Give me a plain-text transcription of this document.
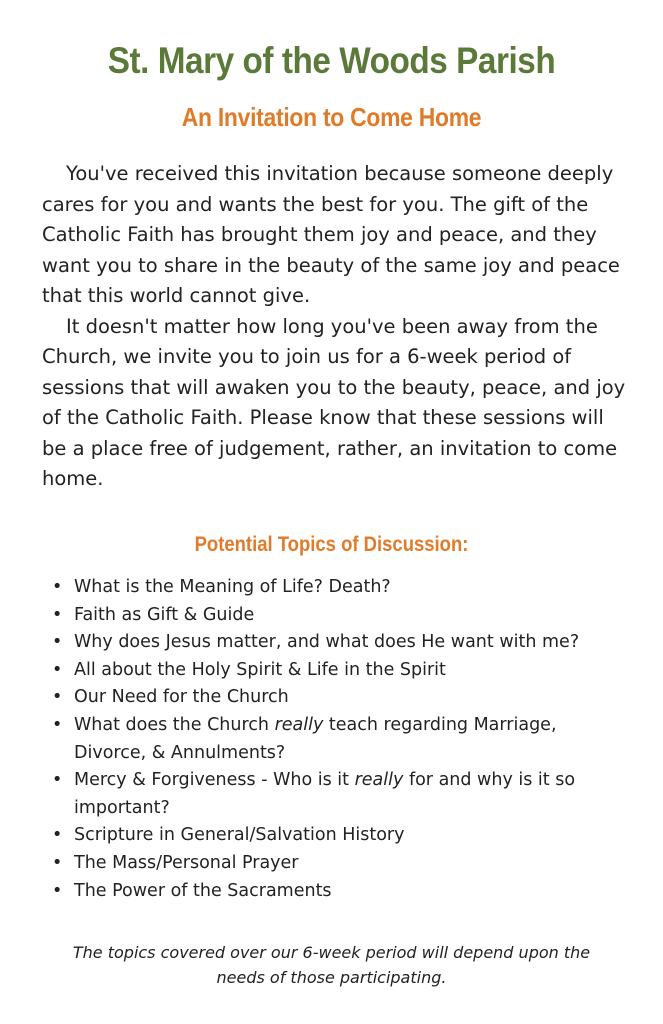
St. Mary of the Woods Parish
An Invitation to Come Home

You've received this invitation because someone deeply cares for you and wants the best for you. The gift of the Catholic Faith has brought them joy and peace, and they want you to share in the beauty of the same joy and peace that this world cannot give.

It doesn't matter how long you've been away from the Church, we invite you to join us for a 6-week period of sessions that will awaken you to the beauty, peace, and joy of the Catholic Faith. Please know that these sessions will be a place free of judgement, rather, an invitation to come home.

Potential Topics of Discussion:
• What is the Meaning of Life? Death?
• Faith as Gift & Guide
• Why does Jesus matter, and what does He want with me?
• All about the Holy Spirit & Life in the Spirit
• Our Need for the Church
• What does the Church really teach regarding Marriage, Divorce, & Annulments?
• Mercy & Forgiveness - Who is it really for and why is it so important?
• Scripture in General/Salvation History
• The Mass/Personal Prayer
• The Power of the Sacraments

The topics covered over our 6-week period will depend upon the needs of those participating.
